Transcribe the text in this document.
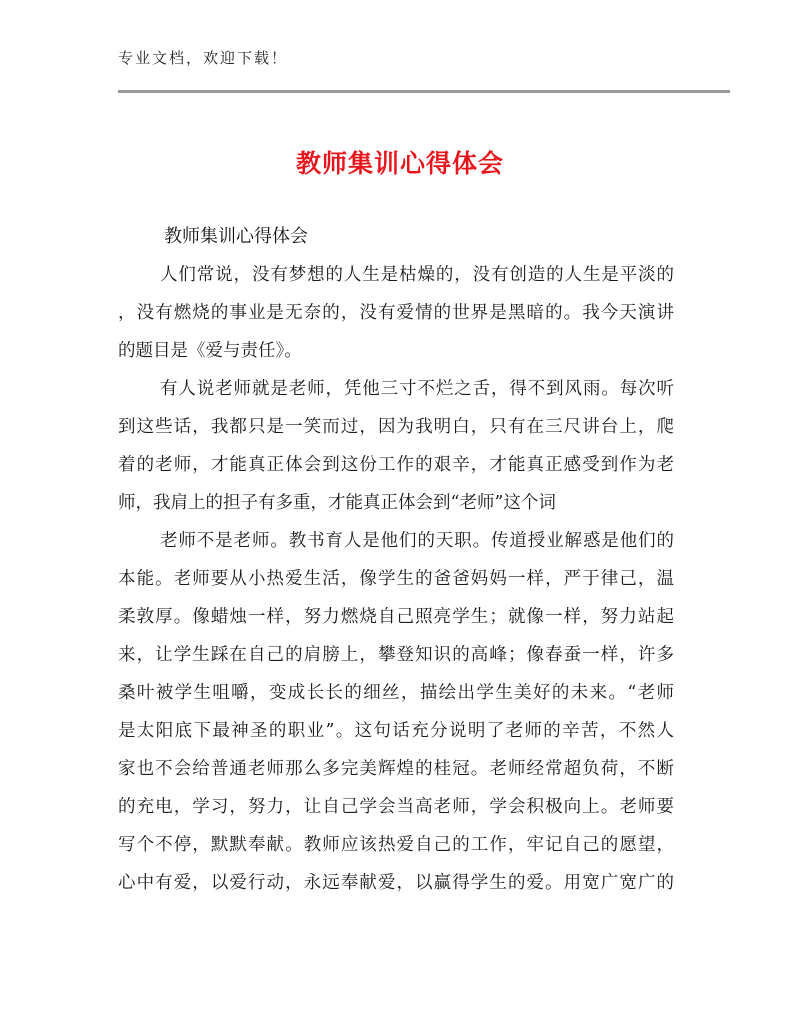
专业文档，欢迎下载！
教师集训心得体会
教师集训心得体会
人们常说，没有梦想的人生是枯燥的，没有创造的人生是平淡的
，没有燃烧的事业是无奈的，没有爱情的世界是黑暗的。我今天演讲
的题目是《爱与责任》。
有人说老师就是老师，凭他三寸不烂之舌，得不到风雨。每次听
到这些话，我都只是一笑而过，因为我明白，只有在三尺讲台上，爬
着的老师，才能真正体会到这份工作的艰辛，才能真正感受到作为老
师，我肩上的担子有多重，才能真正体会到“老师”这个词
老师不是老师。教书育人是他们的天职。传道授业解惑是他们的
本能。老师要从小热爱生活，像学生的爸爸妈妈一样，严于律己，温
柔敦厚。像蜡烛一样，努力燃烧自己照亮学生；就像一样，努力站起
来，让学生踩在自己的肩膀上，攀登知识的高峰；像春蚕一样，许多
桑叶被学生咀嚼，变成长长的细丝，描绘出学生美好的未来。“老师
是太阳底下最神圣的职业”。这句话充分说明了老师的辛苦，不然人
家也不会给普通老师那么多完美辉煌的桂冠。老师经常超负荷，不断
的充电，学习，努力，让自己学会当高老师，学会积极向上。老师要
写个不停，默默奉献。教师应该热爱自己的工作，牢记自己的愿望，
心中有爱，以爱行动，永远奉献爱，以赢得学生的爱。用宽广宽广的
